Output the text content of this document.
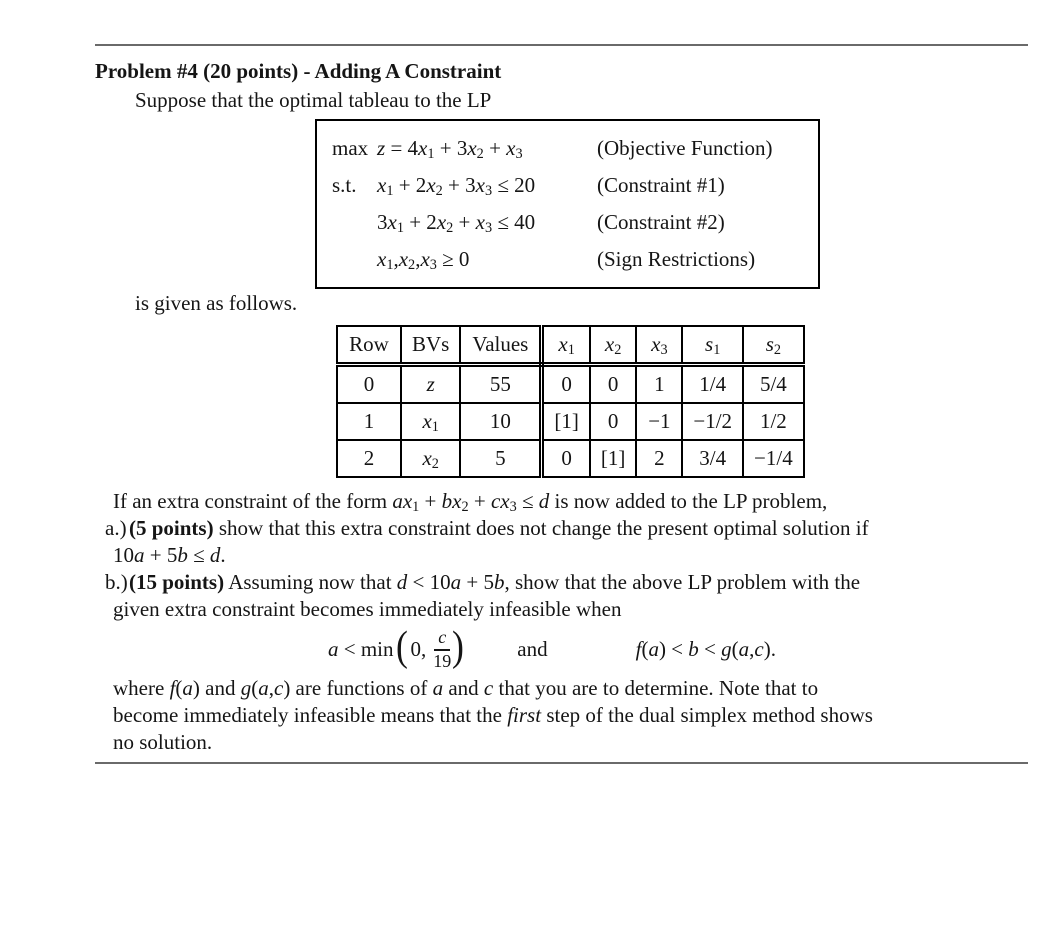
Problem #4 (20 points) - Adding A Constraint
Suppose that the optimal tableau to the LP
$\max z = 4x_1 + 3x_2 + x_3$	(Objective Function)
s.t. $x_1 + 2x_2 + 3x_3 \le 20$	(Constraint #1)
$3x_1 + 2x_2 + x_3 \le 40$	(Constraint #2)
$x_1,x_2,x_3 \ge 0$	(Sign Restrictions)
is given as follows.
Row	BVs	Values	$x_1$	$x_2$	$x_3$	$s_1$	$s_2$
0	z	55	0	0	1	1/4	5/4
1	$x_1$	10	[1]	0	−1	−1/2	1/2
2	$x_2$	5	0	[1]	2	3/4	−1/4
If an extra constraint of the form $ax_1 + bx_2 + cx_3 \le d$ is now added to the LP problem,
a.) (5 points) show that this extra constraint does not change the present optimal solution if
10a + 5b ≤ d.
b.) (15 points) Assuming now that d < 10a + 5b, show that the above LP problem with the
given extra constraint becomes immediately infeasible when
a < min ( 0, $\frac{c}{19}$ )	and	f(a) < b < g(a,c).
where f(a) and g(a,c) are functions of a and c that you are to determine. Note that to
become immediately infeasible means that the first step of the dual simplex method shows
no solution.
